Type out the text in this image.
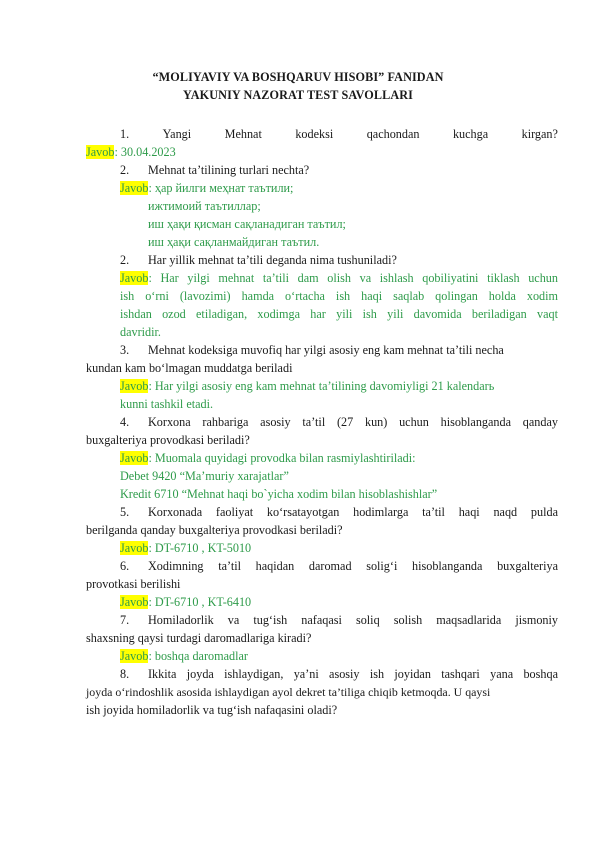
“MOLIYAVIY VA BOSHQARUV HISOBI” FANIDAN
YAKUNIY NAZORAT TEST SAVOLLARI
1.	Yangi	Mehnat	kodeksi	qachondan	kuchga	kirgan?
Javob: 30.04.2023
2. Mehnat ta’tilining turlari nechta?
Javob: ҳар йилги меҳнат таътили;
ижтимоий таътиллар;
иш ҳақи қисман сақланадиган таътил;
иш ҳақи сақланмайдиган таътил.
2. Har yillik mehnat ta’tili deganda nima tushuniladi?
Javob: Har yilgi mehnat ta’tili dam olish va ishlash qobiliyatini tiklash uchun
ish o‘rni (lavozimi) hamda o‘rtacha ish haqi saqlab qolingan holda xodim
ishdan ozod etiladigan, xodimga har yili ish yili davomida beriladigan vaqt
davridir.
3. Mehnat kodeksiga muvofiq har yilgi asosiy eng kam mehnat ta’tili necha
kundan kam bo‘lmagan muddatga beriladi
Javob: Har yilgi asosiy eng kam mehnat ta’tilining davomiyligi 21 kalendarь
kunni tashkil etadi.
4. Korxona rahbariga asosiy ta’til (27 kun) uchun hisoblanganda qanday
buxgalteriya provodkasi beriladi?
Javob: Muomala quyidagi provodka bilan rasmiylashtiriladi:
Debet 9420 “Ma’muriy xarajatlar”
Kredit 6710 “Mehnat haqi bo`yicha xodim bilan hisoblashishlar”
5. Korxonada faoliyat ko‘rsatayotgan hodimlarga ta’til haqi naqd pulda
berilganda qanday buxgalteriya provodkasi beriladi?
Javob: DT-6710 , KT-5010
6. Xodimning ta’til haqidan daromad solig‘i hisoblanganda buxgalteriya
provotkasi berilishi
Javob: DT-6710 , KT-6410
7. Homiladorlik va tug‘ish nafaqasi soliq solish maqsadlarida jismoniy
shaxsning qaysi turdagi daromadlariga kiradi?
Javob: boshqa daromadlar
8. Ikkita joyda ishlaydigan, ya’ni asosiy ish joyidan tashqari yana boshqa
joyda o‘rindoshlik asosida ishlaydigan ayol dekret ta’tiliga chiqib ketmoqda. U qaysi
ish joyida homiladorlik va tug‘ish nafaqasini oladi?
